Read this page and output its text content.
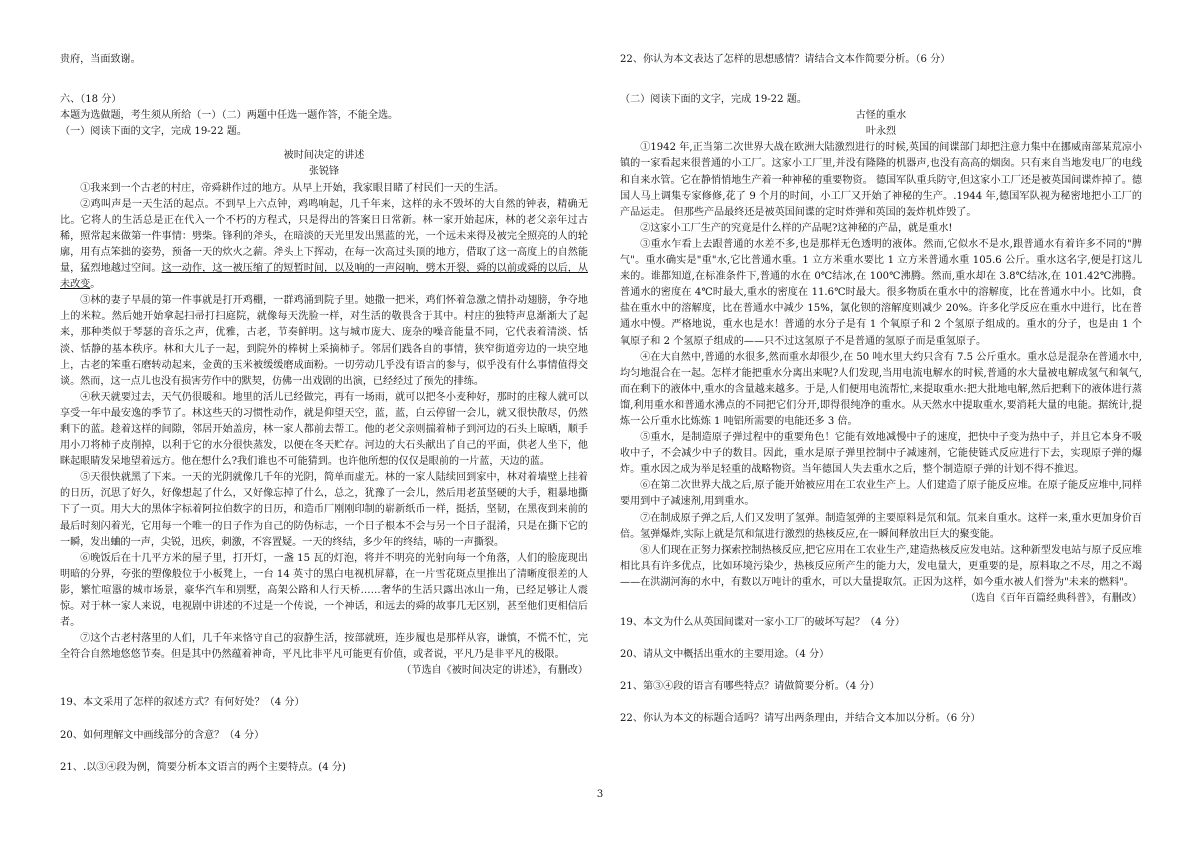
贵府，当面致谢。

六、（18 分）

本题为选做题，考生须从所给（一）（二）两题中任选一题作答，不能全选。

（一）阅读下面的文字，完成 19-22 题。

被时间决定的讲述

张锐锋

①我来到一个古老的村庄，帝舜耕作过的地方。从早上开始，我家眼目睹了村民们一天的生活。

②鸡叫声是一天生活的起点。不到早上六点钟，鸡鸣响起，几千年来，这样的永不毁坏的大自然的钟表，精确无比。它将人的生活总是正在代入一个不朽的方程式，只是得出的答案日日常新。林一家开始起床，林的老父亲年过古稀，照常起来做第一件事情：劈柴。锋利的斧头，在暗淡的天光里发出黑蓝的光，一个远未来得及被完全照亮的人的轮廓，用有点笨拙的姿势，预备一天的炊火之薪。斧头上下挥动，在每一次高过头顶的地方，借取了这一高度上的自然能量，猛烈地越过空间。这一动作，这一被压缩了的短暂时间，以及响的一声闷响，劈木开裂，舜的以前或舜的以后，从未改变。

③林的妻子早晨的第一件事就是打开鸡棚，一群鸡涌到院子里。她撒一把米，鸡们怀着急激之情扑动翅膀，争夺地上的米粒。然后她开始拿起扫帚打扫庭院，就像每天洗脸一样，对生活的敬畏含于其中。村庄的独特声息渐渐大了起来，那种类似于琴瑟的音乐之声，优雅，古老，节奏鲜明。这与城市庞大、庞杂的噪音能量不同，它代表着清淡、恬淡、恬静的基本秩序。林和大儿子一起，到院外的棒树上采摘柿子。邻居们践各自的事情，狭窄街道旁边的一块空地上，古老的笨重石磨转动起来，金黄的玉米被缓缓磨成面粉。一切劳动几乎没有语言的参与，似乎没有什么事情值得交谈。然而，这一点儿也没有损害劳作中的默契，仿佛一出戏剧的出演，已经经过了预先的排练。

④秋天就要过去，天气仍很暖和。地里的活儿已经做完，再有一场雨，就可以把冬小麦种好，那时的庄稼人就可以享受一年中最安逸的季节了。林这些天的习惯性动作，就是仰望天空，蓝，蓝，白云停留一会儿，就又很快散尽，仍然剩下的蓝。趁着这样的间隙，邻居开始盖房，林一家人都前去帮工。他的老父亲则揣着柿子到河边的石头上晾晒，顺手用小刀将柿子皮削掉，以利于它的水分很快蒸发，以便在冬天贮存。河边的大石头献出了自己的平面，供老人坐下，他眯起眼睛发呆地望着远方。他在想什么?我们谁也不可能猜到。也许他所想的仅仅是眼前的一片蓝，天边的蓝。

⑤天很快就黑了下来。一天的光阴就像几千年的光阴，简单而虚无。林的一家人陆续回到家中，林对着墙壁上挂着的日历，沉思了好久，好像想起了什么，又好像忘掉了什么，总之，犹豫了一会儿，然后用老茧坚硬的大手，粗暴地撕下了一页。用大大的黑体字标着阿拉伯数字的日历，和造币厂刚刚印制的崭新纸币一样，挺括，坚韧，在黑夜到来前的最后时刻闪着光，它用每一个唯一的日子作为自己的防伪标志，一个日子根本不会与另一个日子混淆，只是在撕下它的一瞬，发出蛐的一声，尖锐，迅疾，刺激，不容置疑。一天的终结，多少年的终结，哧的一声撕裂。

⑥晚饭后在十几平方米的屋子里，打开灯，一盏 15 瓦的灯泡，将并不明亮的光射向每一个角落，人们的脸庞现出明暗的分界，夸张的塑像般位于小板凳上，一台 14 英寸的黑白电视机屏幕，在一片雪花斑点里推出了清晰度很差的人影，繁忙喧嚣的城市场景，豪华汽车和别墅，高架公路和人行天桥……奢华的生活只露出冰山一角，已经足够让人震惊。对于林一家人来说，电视剧中讲述的不过是一个传说，一个神话，和远去的舜的故事几无区别，甚至他们更相信后者。

⑦这个古老村落里的人们，几千年来恪守自己的寂静生活，按部就班，连步履也是那样从容，谦慎，不慌不忙，完全符合自然地悠悠节奏。但是其中仍然蕴着神奇，平凡比非平凡可能更有价值，或者说，平凡乃是非平凡的极限。

（节选自《被时间决定的讲述》，有删改）

19、本文采用了怎样的叙述方式？有何好处？（4 分）

20、如何理解文中画线部分的含意？（4 分）

21、.以③④段为例，简要分析本文语言的两个主要特点。(4 分)

22、你认为本文表达了怎样的思想感情？请结合文本作简要分析。（6 分）

（二）阅读下面的文字，完成 19-22 题。

古怪的重水

叶永烈

①1942 年,正当第二次世界大战在欧洲大陆激烈进行的时候,英国的间谍部门却把注意力集中在挪威南部某荒凉小镇的一家看起来很普通的小工厂。这家小工厂里,并没有隆隆的机器声,也没有高高的烟囱。只有来自当地发电厂的电线和自来水管。它在静悄悄地生产着一种神秘的重要物资。 德国军队重兵防守,但这家小工厂还是被英国间谍炸掉了。德国人马上调集专家修修,花了 9 个月的时间，小工厂又开始了神秘的生产。.1944 年,德国军队视为秘密地把小工厂的产品运走。 但那些产品最终还是被英国间谍的定时炸弹和英国的轰炸机炸毁了。

②这家小工厂生产的究竟是什么样的产品呢?这神秘的产品，就是重水!

③重水乍看上去跟普通的水差不多,也是那样无色透明的液体。然而,它似水不是水,跟普通水有着许多不同的"脾气"。重水确实是"重"水,它比普通水重。1 立方米重水要比 1 立方米普通水重 105.6 公斤。重水这名字,便是打这儿来的。谁都知道,在标准条件下,普通的水在 0℃结冰,在 100℃沸腾。然而,重水却在 3.8℃结冰,在 101.42℃沸腾。普通水的密度在 4℃时最大,重水的密度在 11.6℃时最大。很多物质在重水中的溶解度，比在普通水中小。比如，食盐在重水中的溶解度，比在普通水中减少 15%，氯化钡的溶解度则减少 20%。许多化学反应在重水中进行，比在普通水中慢。严格地说，重水也是水！普通的水分子是有 1 个氧原子和 2 个氢原子组成的。重水的分子，也是由 1 个氧原子和 2 个氢原子组成的——只不过这氢原子不是普通的氢原子而是重氢原子。

④在大自然中,普通的水很多,然而重水却很少,在 50 吨水里大约只含有 7.5 公斤重水。重水总是混杂在普通水中,均匀地混合在一起。怎样才能把重水分离出来呢?人们发现,当用电流电解水的时候,普通的水大量被电解成氢气和氧气,而在剩下的液体中,重水的含量越来越多。于是,人们便用电流帮忙,来提取重水:把大批地电解,然后把剩下的液体进行蒸馏,利用重水和普通水沸点的不同把它们分开,即得很纯净的重水。从天然水中提取重水,要消耗大量的电能。据统计,提炼一公斤重水比炼炼 1 吨铝所需要的电能还多 3 倍。

⑤重水，是制造原子弹过程中的重要角色！它能有效地减慢中子的速度，把快中子变为热中子，并且它本身不吸收中子，不会减少中子的数目。因此，重水是原子弹里控制中子减速剂，它能使链式反应进行下去，实现原子弹的爆炸。重水因之成为举足轻重的战略物资。当年德国人失去重水之后，整个制造原子弹的计划不得不推迟。

⑥在第二次世界大战之后,原子能开始被应用在工农业生产上。人们建造了原子能反应堆。在原子能反应堆中,同样要用到中子减速剂,用到重水。

⑦在制成原子弹之后,人们又发明了氢弹。制造氢弹的主要原料是氘和氚。氘来自重水。这样一来,重水更加身价百倍。氢弹爆炸,实际上就是氘和氚进行激烈的热核反应,在一瞬间释放出巨大的聚变能。

⑧人们现在正努力探索控制热核反应,把它应用在工农业生产,建造热核反应发电站。这种新型发电站与原子反应堆相比具有许多优点，比如环境污染少，热核反应所产生的能力大，发电量大，更重要的是，原料取之不尽，用之不竭——在洪湖河海的水中，有数以万吨计的重水，可以大量提取氘。正因为这样，如今重水被人们誉为"未来的燃料"。

（选自《百年百篇经典科普》，有删改）

19、本文为什么从英国间谍对一家小工厂的破坏写起？（4 分）

20、请从文中概括出重水的主要用途。（4 分）

21、第③④段的语言有哪些特点？请做简要分析。（4 分）

22、你认为本文的标题合适吗？请写出两条理由，并结合文本加以分析。（6 分）

3
